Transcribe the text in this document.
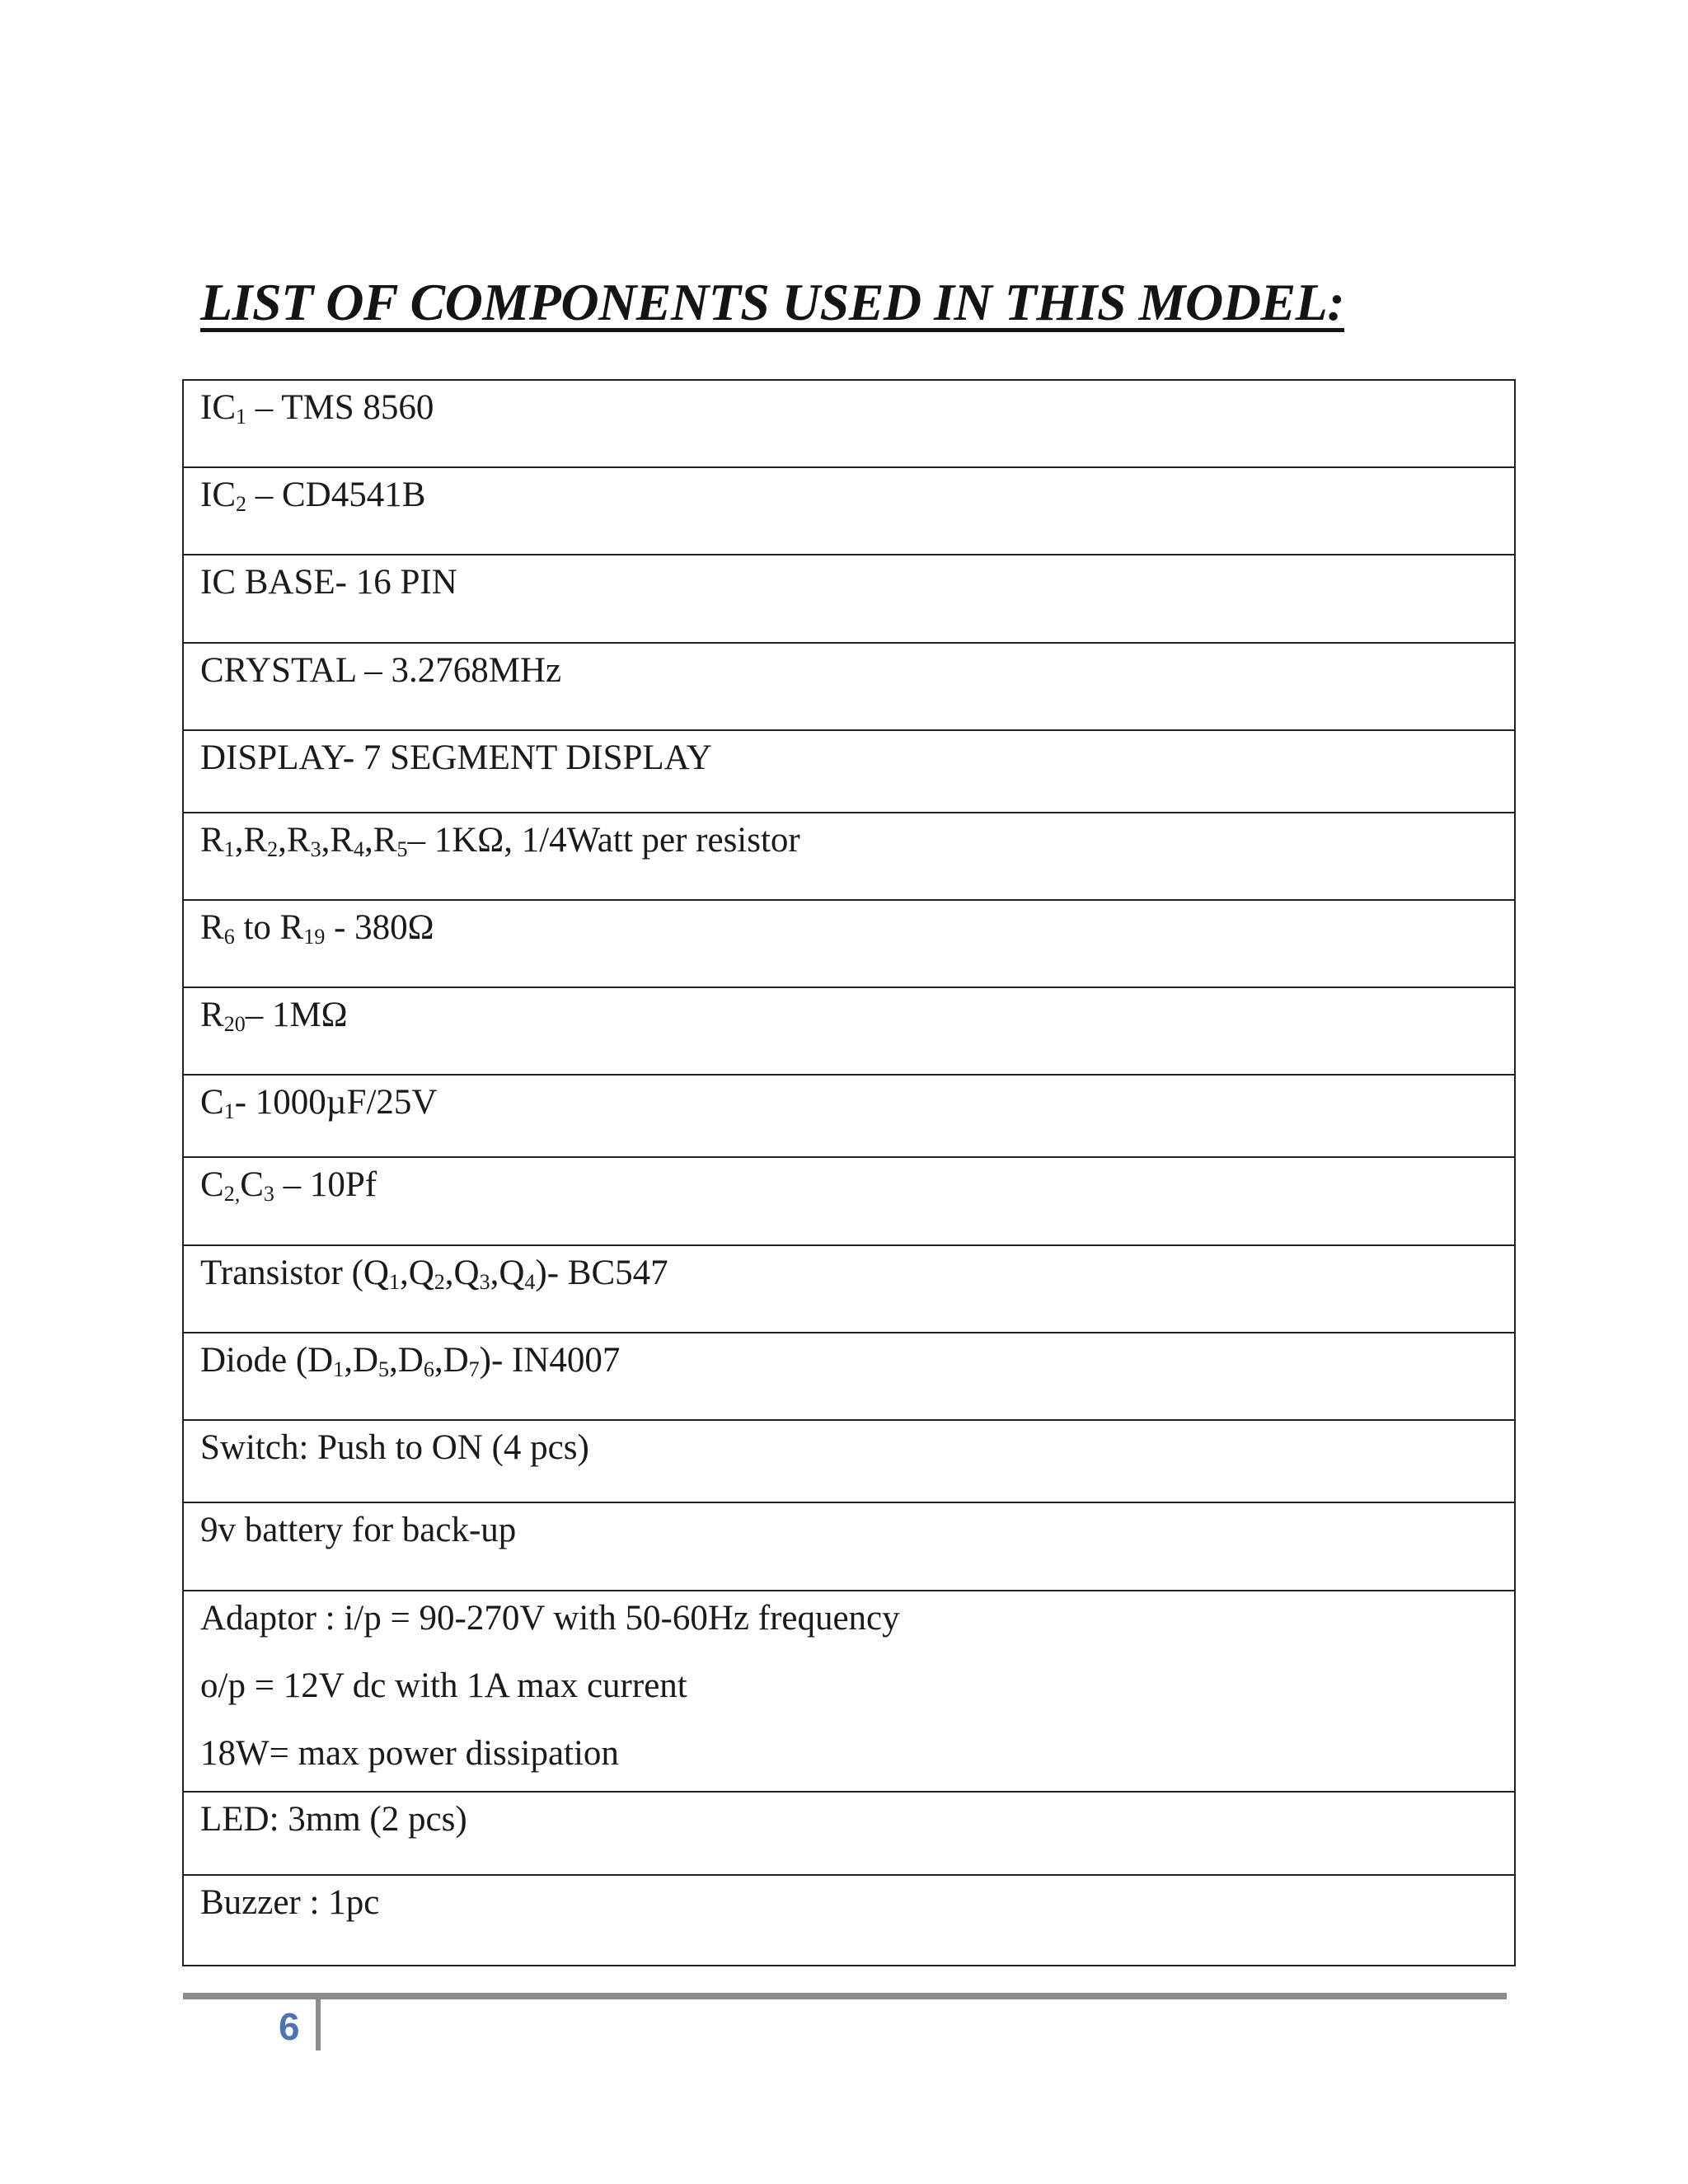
LIST OF COMPONENTS USED IN THIS MODEL:
$IC_1$ – TMS 8560

$IC_2 - CD4541B$

IC BASE- 16 PIN

CRYSTAL – 3.2768MHz

DISPLAY- 7 SEGMENT DISPLAY

$R_1,R_2,R_3,R_4,R_5-$ 1KΩ, 1/4Watt per resistor

$R_6$ to $R_{19} - 380\Omega$

$R_{20}-$ 1MΩ

$C_1-$ 1000µF/25V

$C_{2,}C_3 - 10Pf$

Transistor $(Q_1,Q_2,Q_3,Q_4)-$ BC547

Diode $(D_1,D_5,D_6,D_7)-$ IN4007

Switch: Push to ON (4 pcs)

9v battery for back-up

Adaptor : i/p = 90-270V with 50-60Hz frequency
o/p = 12V dc with 1A max current
18W= max power dissipation

LED: 3mm (2 pcs)

Buzzer : 1pc
6
